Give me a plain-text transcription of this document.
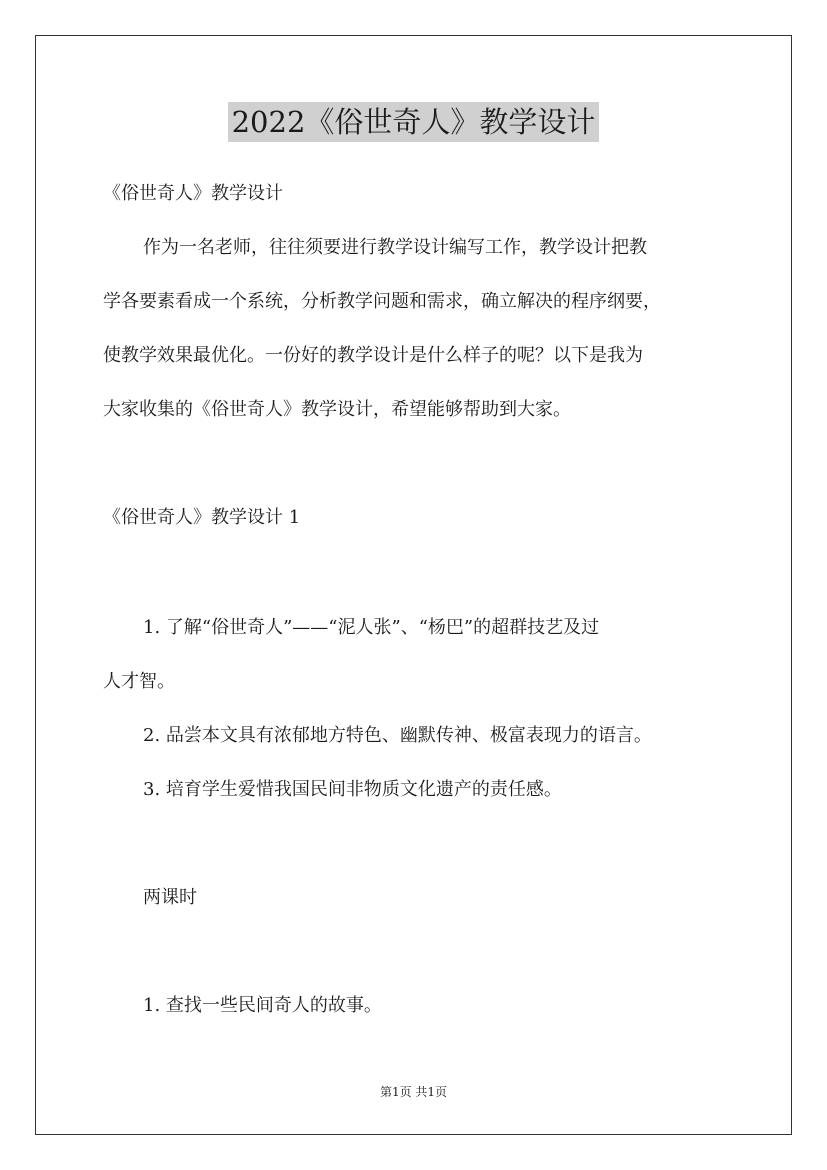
2022《俗世奇人》教学设计
《俗世奇人》教学设计
作为一名老师，往往须要进行教学设计编写工作，教学设计把教
学各要素看成一个系统，分析教学问题和需求，确立解决的程序纲要，
使教学效果最优化。一份好的教学设计是什么样子的呢？以下是我为
大家收集的《俗世奇人》教学设计，希望能够帮助到大家。
《俗世奇人》教学设计 1
1. 了解“俗世奇人”——“泥人张”、“杨巴”的超群技艺及过
人才智。
2. 品尝本文具有浓郁地方特色、幽默传神、极富表现力的语言。
3. 培育学生爱惜我国民间非物质文化遗产的责任感。
两课时
1. 查找一些民间奇人的故事。
第1页 共1页
